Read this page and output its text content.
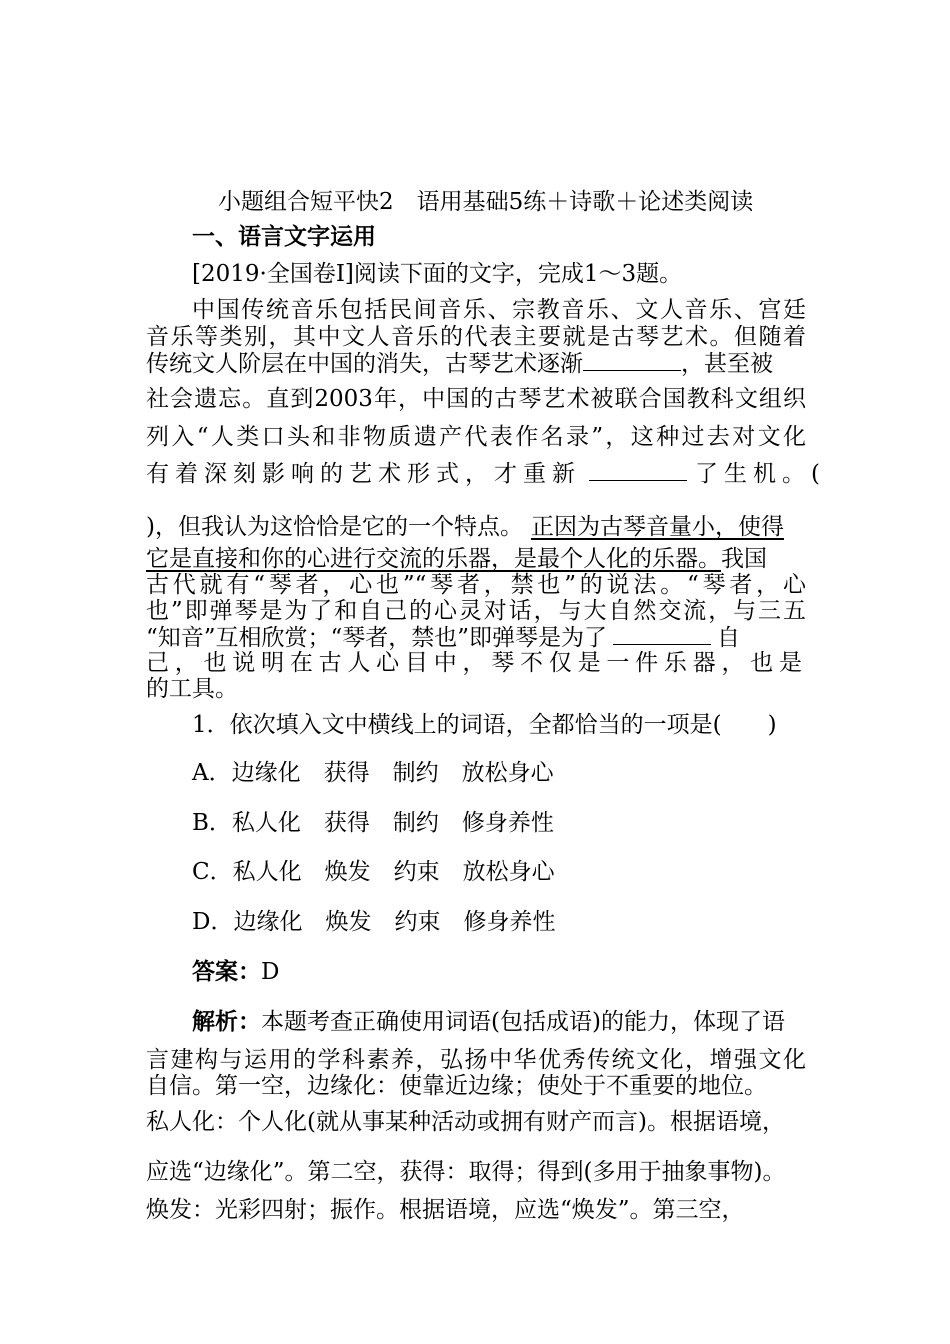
小题组合短平快2　语用基础5练＋诗歌＋论述类阅读
一、语言文字运用
[2019·全国卷Ⅰ]阅读下面的文字，完成1～3题。
中国传统音乐包括民间音乐、宗教音乐、文人音乐、宫廷
音乐等类别，其中文人音乐的代表主要就是古琴艺术。但随着
传统文人阶层在中国的消失，古琴艺术逐渐	，甚至被
社会遗忘。直到2003年，中国的古琴艺术被联合国教科文组织
列入“人类口头和非物质遗产代表作名录”，这种过去对文化
有着深刻影响的艺术形式，才重新	了生机。(
)，但我认为这恰恰是它的一个特点。 正因为古琴音量小，使得
它是直接和你的心进行交流的乐器，是最个人化的乐器。我国
古代就有“琴者，心也”“琴者，禁也”的说法。“琴者，心
也”即弹琴是为了和自己的心灵对话，与大自然交流，与三五
“知音”互相欣赏；“琴者，禁也”即弹琴是为了	自
己，也说明在古人心目中，琴不仅是一件乐器，也是
的工具。
1．依次填入文中横线上的词语，全都恰当的一项是(　　)
A．边缘化　获得　制约　放松身心
B．私人化　获得　制约　修身养性
C．私人化　焕发　约束　放松身心
D．边缘化　焕发　约束　修身养性
答案：D
解析：本题考查正确使用词语(包括成语)的能力，体现了语
言建构与运用的学科素养，弘扬中华优秀传统文化，增强文化
自信。第一空，边缘化：使靠近边缘；使处于不重要的地位。
私人化：个人化(就从事某种活动或拥有财产而言)。根据语境，
应选“边缘化”。第二空，获得：取得；得到(多用于抽象事物)。
焕发：光彩四射；振作。根据语境，应选“焕发”。第三空，
